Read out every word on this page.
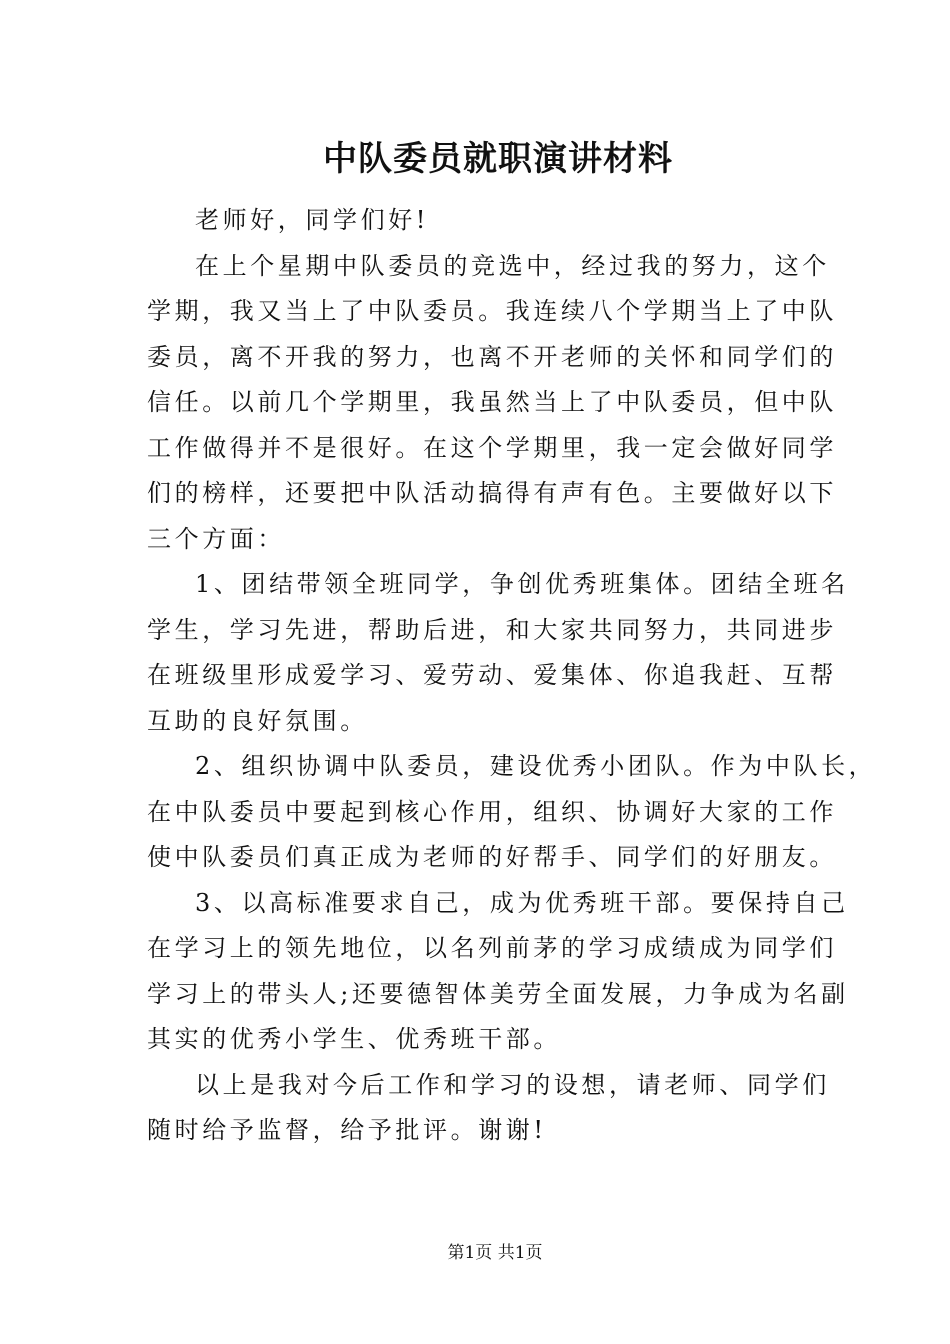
中队委员就职演讲材料

老师好，同学们好!

在上个星期中队委员的竞选中，经过我的努力，这个
学期，我又当上了中队委员。我连续八个学期当上了中队
委员，离不开我的努力，也离不开老师的关怀和同学们的
信任。以前几个学期里，我虽然当上了中队委员，但中队
工作做得并不是很好。在这个学期里，我一定会做好同学
们的榜样，还要把中队活动搞得有声有色。主要做好以下
三个方面：

1、团结带领全班同学，争创优秀班集体。团结全班名
学生，学习先进，帮助后进，和大家共同努力，共同进步
在班级里形成爱学习、爱劳动、爱集体、你追我赶、互帮
互助的良好氛围。

2、组织协调中队委员，建设优秀小团队。作为中队长，
在中队委员中要起到核心作用，组织、协调好大家的工作
使中队委员们真正成为老师的好帮手、同学们的好朋友。

3、以高标准要求自己，成为优秀班干部。要保持自己
在学习上的领先地位，以名列前茅的学习成绩成为同学们
学习上的带头人;还要德智体美劳全面发展，力争成为名副
其实的优秀小学生、优秀班干部。

以上是我对今后工作和学习的设想，请老师、同学们
随时给予监督，给予批评。谢谢!

第1页 共1页
